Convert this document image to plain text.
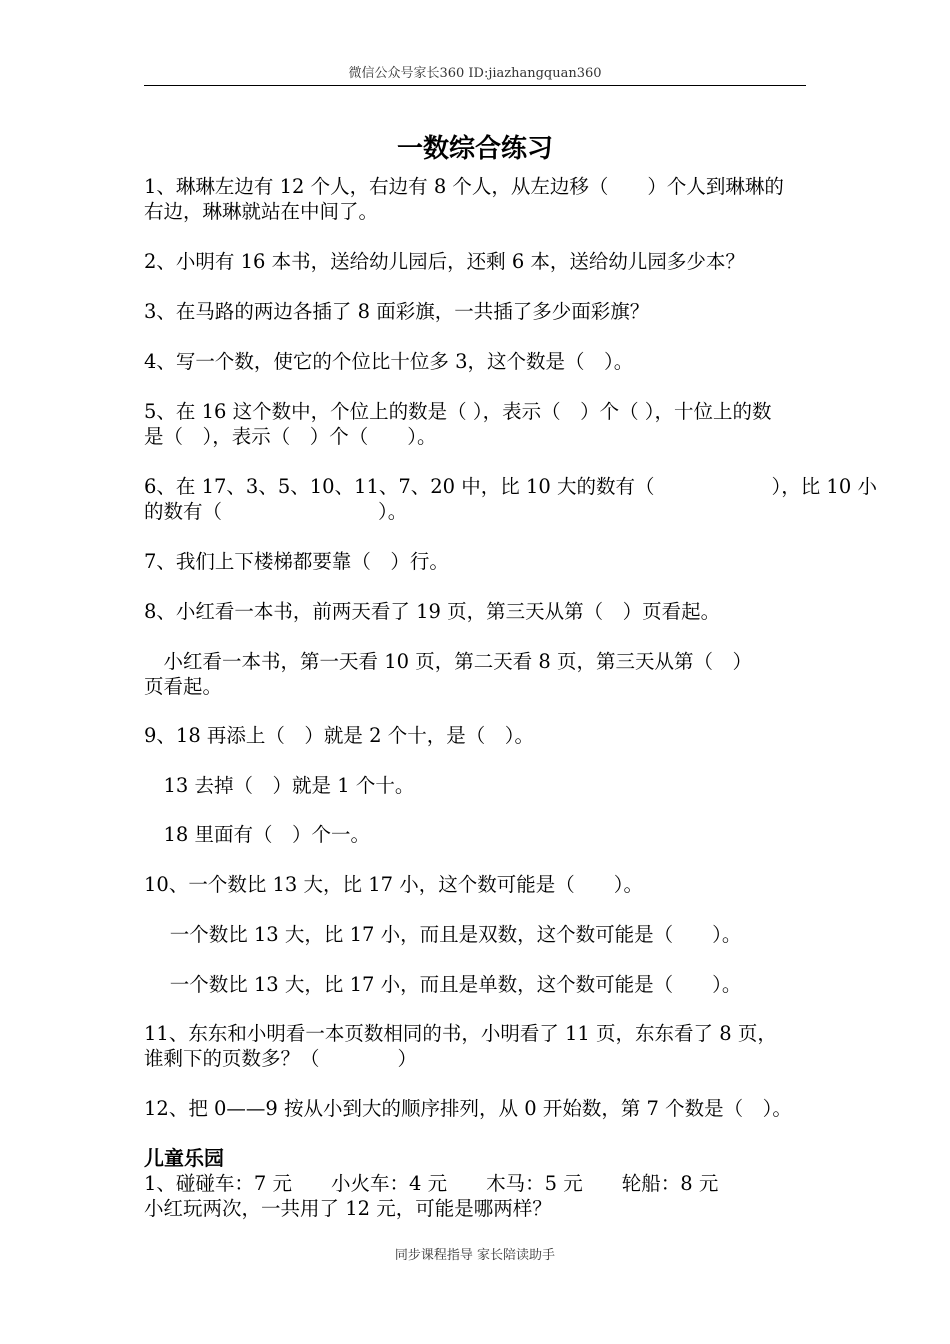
微信公众号家长360 ID:jiazhangquan360
一数综合练习
1、琳琳左边有 12 个人，右边有 8 个人，从左边移（　　）个人到琳琳的
右边，琳琳就站在中间了。
2、小明有 16 本书，送给幼儿园后，还剩 6 本，送给幼儿园多少本？
3、在马路的两边各插了 8 面彩旗，一共插了多少面彩旗？
4、写一个数，使它的个位比十位多 3，这个数是（　）。
5、在 16 这个数中，个位上的数是（ ），表示（　）个（ ），十位上的数
是（　），表示（　）个（　　）。
6、在 17、3、5、10、11、7、20 中，比 10 大的数有（　　　　　　），比 10 小
的数有（　　　　　　　　）。
7、我们上下楼梯都要靠（　）行。
8、小红看一本书，前两天看了 19 页，第三天从第（　）页看起。
　小红看一本书，第一天看 10 页，第二天看 8 页，第三天从第（　）
页看起。
9、18 再添上（　）就是 2 个十，是（　）。
　13 去掉（　）就是 1 个十。
　18 里面有（　）个一。
10、一个数比 13 大，比 17 小，这个数可能是（　　）。
　 一个数比 13 大，比 17 小，而且是双数，这个数可能是（　　）。
　 一个数比 13 大，比 17 小，而且是单数，这个数可能是（　　）。
11、东东和小明看一本页数相同的书，小明看了 11 页，东东看了 8 页，
谁剩下的页数多？（　　　　）
12、把 0——9 按从小到大的顺序排列，从 0 开始数，第 7 个数是（　）。
儿童乐园
1、碰碰车：7 元　　小火车：4 元　　木马：5 元　　轮船：8 元
小红玩两次，一共用了 12 元，可能是哪两样？
同步课程指导 家长陪读助手
